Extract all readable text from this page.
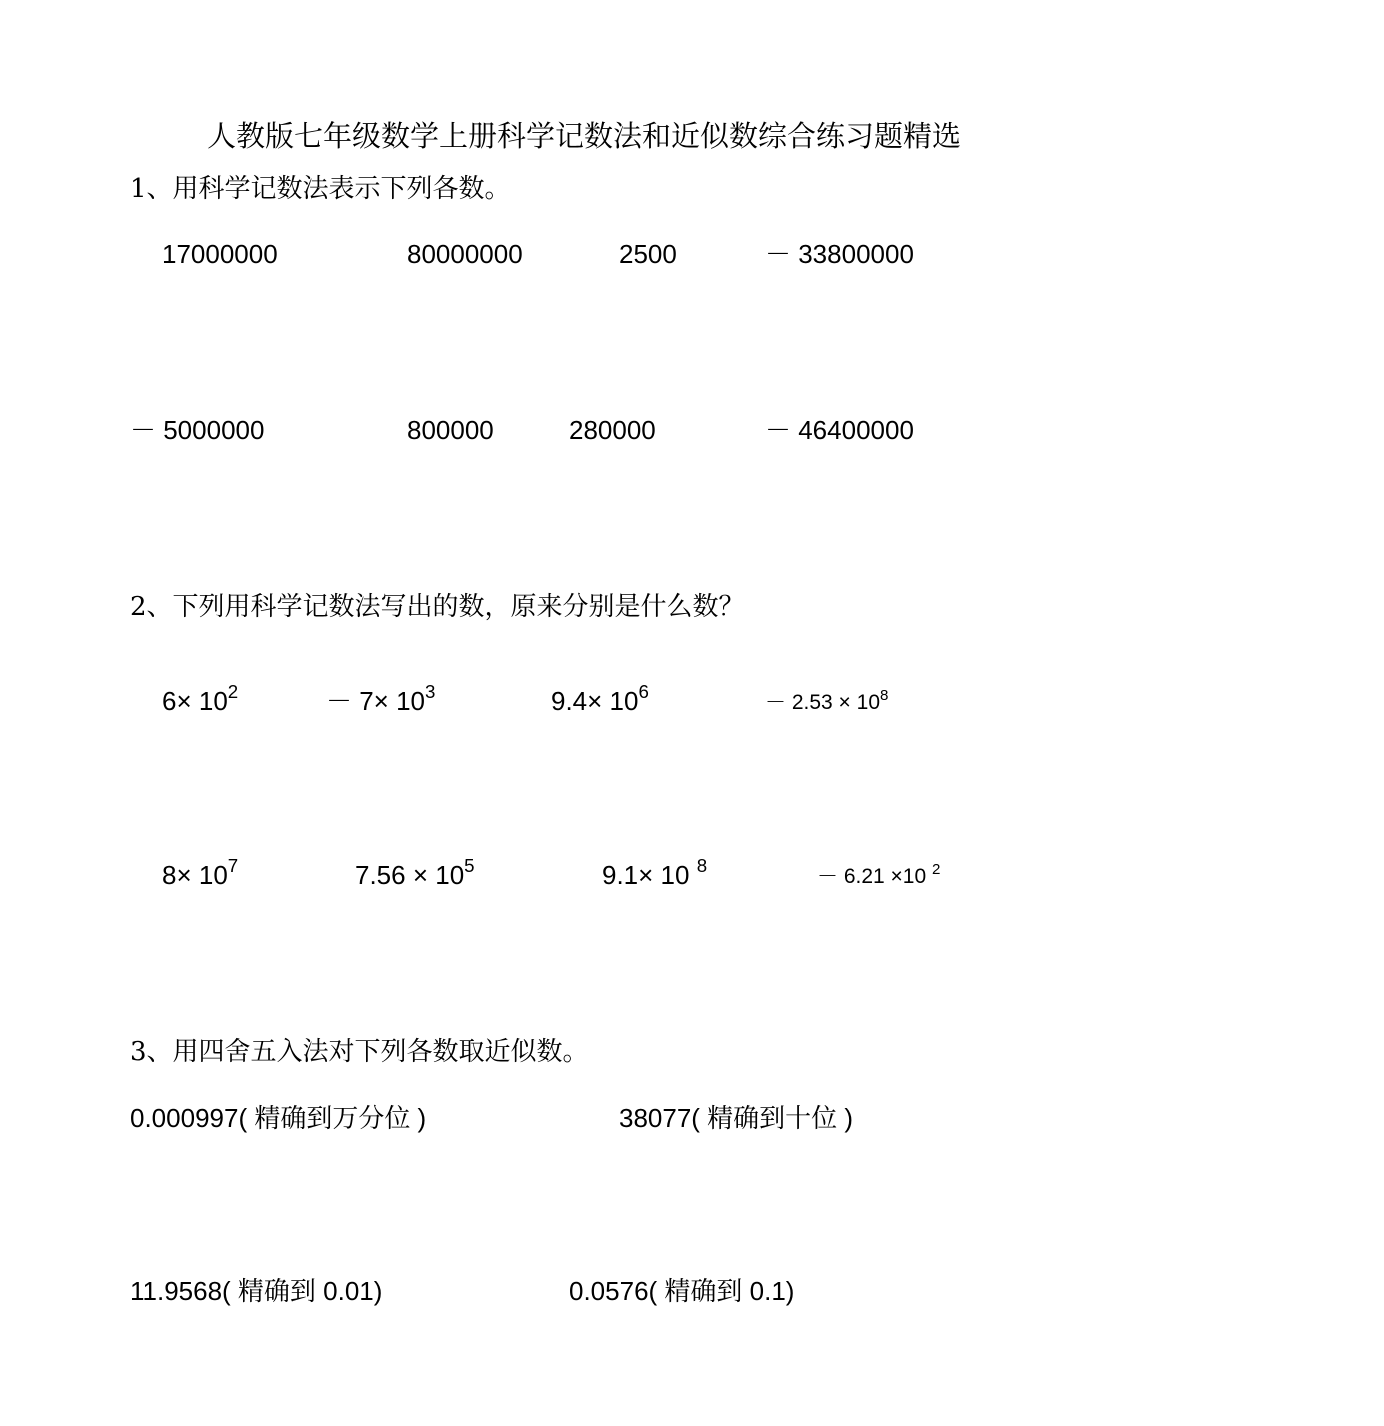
人教版七年级数学上册科学记数法和近似数综合练习题精选
1、用科学记数法表示下列各数。
17000000	80000000	2500	－ 33800000
－ 5000000	800000	280000	－ 46400000
2、下列用科学记数法写出的数，原来分别是什么数？
$6\times 10^2$	－ $7\times 10^3$	$9.4\times 10^6$	－ $2.53 \times 10^8$
$8\times 10^7$	$7.56 \times 10^5$	9.1× 10 $^8$	－ 6.21 ×10 $^2$
3、用四舍五入法对下列各数取近似数。
0.000997( 精确到万分位 )	38077( 精确到十位 )
11.9568( 精确到 0.01)	0.0576( 精确到 0.1)
